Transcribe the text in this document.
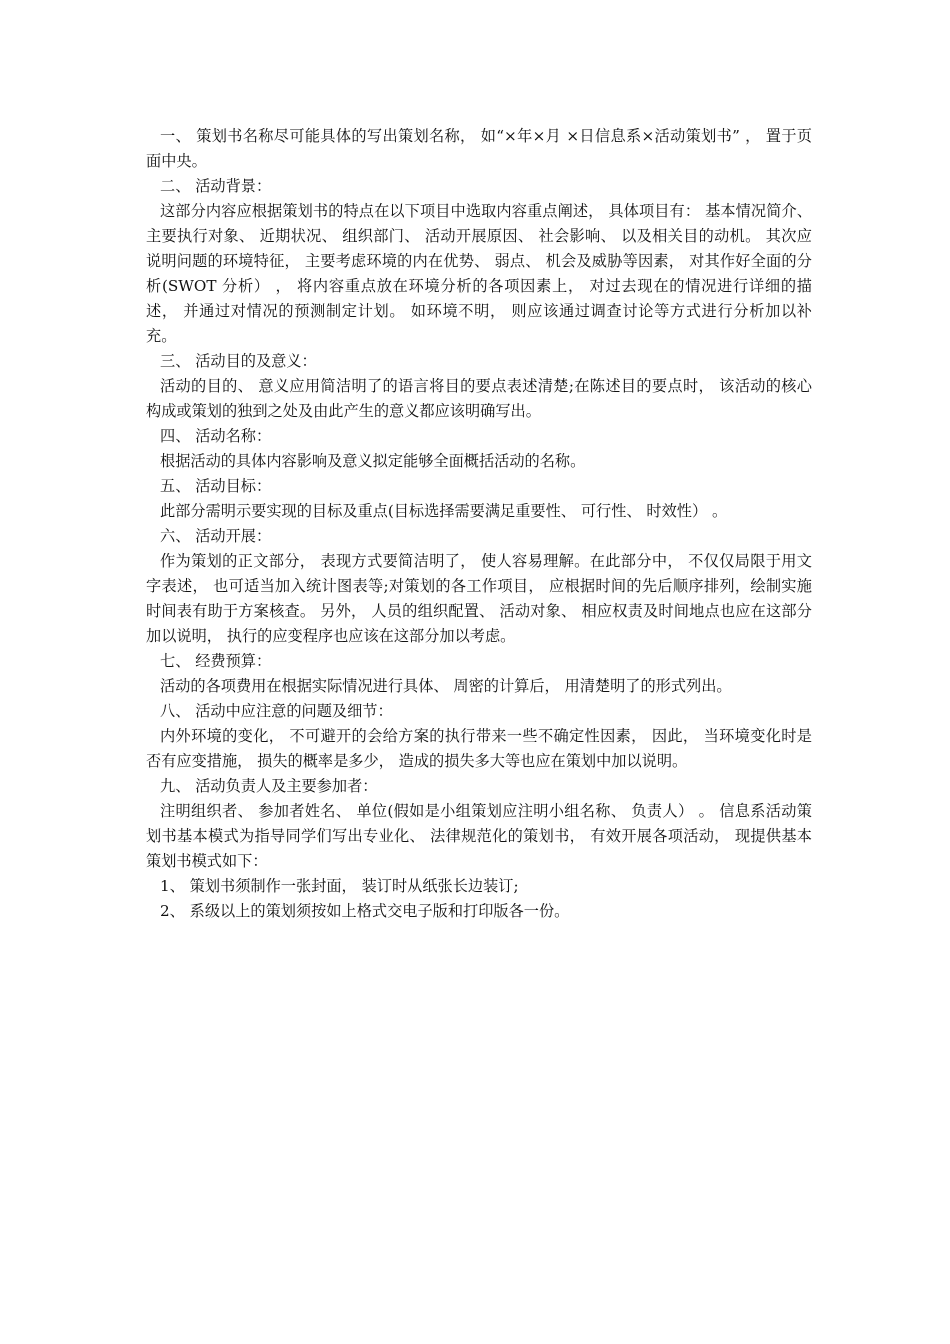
一、 策划书名称尽可能具体的写出策划名称， 如“×年×月 ×日信息系×活动策划书” ， 置于页面中央。

二、 活动背景：

这部分内容应根据策划书的特点在以下项目中选取内容重点阐述， 具体项目有： 基本情况简介、 主要执行对象、 近期状况、 组织部门、 活动开展原因、 社会影响、 以及相关目的动机。 其次应说明问题的环境特征， 主要考虑环境的内在优势、 弱点、 机会及威胁等因素， 对其作好全面的分析(SWOT 分析） ， 将内容重点放在环境分析的各项因素上， 对过去现在的情况进行详细的描述， 并通过对情况的预测制定计划。 如环境不明， 则应该通过调查讨论等方式进行分析加以补充。

三、 活动目的及意义：

活动的目的、 意义应用简洁明了的语言将目的要点表述清楚;在陈述目的要点时， 该活动的核心构成或策划的独到之处及由此产生的意义都应该明确写出。

四、 活动名称：

根据活动的具体内容影响及意义拟定能够全面概括活动的名称。

五、 活动目标：

此部分需明示要实现的目标及重点(目标选择需要满足重要性、 可行性、 时效性） 。

六、 活动开展：

作为策划的正文部分， 表现方式要简洁明了， 使人容易理解。在此部分中， 不仅仅局限于用文字表述， 也可适当加入统计图表等;对策划的各工作项目， 应根据时间的先后顺序排列，绘制实施时间表有助于方案核查。 另外， 人员的组织配置、 活动对象、 相应权责及时间地点也应在这部分加以说明， 执行的应变程序也应该在这部分加以考虑。

七、 经费预算：

活动的各项费用在根据实际情况进行具体、 周密的计算后， 用清楚明了的形式列出。

八、 活动中应注意的问题及细节：

内外环境的变化， 不可避开的会给方案的执行带来一些不确定性因素， 因此， 当环境变化时是否有应变措施， 损失的概率是多少， 造成的损失多大等也应在策划中加以说明。

九、 活动负责人及主要参加者：

注明组织者、 参加者姓名、 单位(假如是小组策划应注明小组名称、 负责人） 。 信息系活动策划书基本模式为指导同学们写出专业化、 法律规范化的策划书， 有效开展各项活动， 现提供基本策划书模式如下：

1、 策划书须制作一张封面， 装订时从纸张长边装订;

2、 系级以上的策划须按如上格式交电子版和打印版各一份。
